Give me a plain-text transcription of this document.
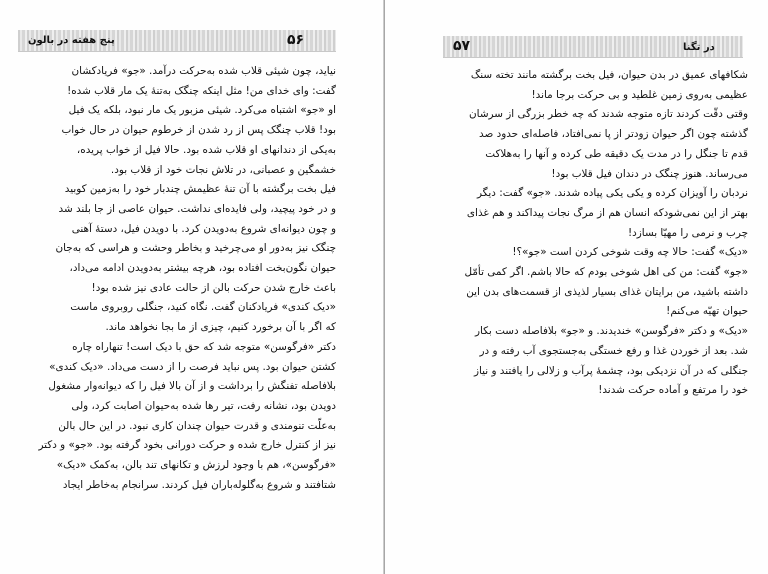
۵۶
پنج هفته در بالون
نیاید، چون شیئی قلاب شده به‌حرکت درآمد. «جو» فریادکشان
گفت: وای خدای من! مثل اینکه چنگک به‌تنهٔ یک مار قلاب شده!
او «جو» اشتباه می‌کرد. شیئی مزبور یک مار نبود، بلکه یک فیل
بود! قلاب چنگک پس از رد شدن از خرطوم حیوان در حال خواب
به‌یکی از دندانهای او قلاب شده بود. حالا فیل از خواب پریده،
خشمگین و عصبانی، در تلاش نجات خود از قلاب بود.
فیل بخت برگشته با آن تنهٔ عظیمش چندبار خود را به‌زمین کوبید
و در خود پیچید، ولی فایده‌ای نداشت. حیوان عاصی از جا بلند شد
و چون دیوانه‌ای شروع به‌دویدن کرد. با دویدن فیل، دستهٔ آهنی
چنگک نیز به‌دور او می‌چرخید و بخاطر وحشت و هراسی که به‌جان
حیوان نگون‌بخت افتاده بود، هرچه بیشتر به‌دویدن ادامه می‌داد،
باعث خارج شدن حرکت بالن از حالت عادی نیز شده بود!
«دیک کندی» فریادکنان گفت. نگاه کنید، جنگلی روبروی ماست
که اگر با آن برخورد کنیم، چیزی از ما بجا نخواهد ماند.
دکتر «فرگوسن» متوجه شد که حق با دیک است! تنهاراه چاره
کشتن حیوان بود. پس نباید فرصت را از دست می‌داد. «دیک کندی»
بلافاصله تفنگش را برداشت و از آن بالا فیل را که دیوانه‌وار مشغول
دویدن بود، نشانه رفت، تیر رها شده به‌حیوان اصابت کرد، ولی
به‌علّت تنومندی و قدرت حیوان چندان کاری نبود. در این حال بالن
نیز از کنترل خارج شده و حرکت دورانی بخود گرفته بود. «جو» و دکتر
«فرگوسن»، هم با وجود لرزش و تکانهای تند بالن، به‌کمک «دیک»
شتافتند و شروع به‌گلوله‌باران فیل کردند. سرانجام به‌خاطر ایجاد
۵۷	در تگنا
شکافهای عمیق در بدن حیوان، فیل بخت برگشته مانند تخته سنگ
عظیمی به‌روی زمین غلطید و بی حرکت برجا ماند!
وقتی دقّت کردند تازه متوجه شدند که چه خطر بزرگی از سرشان
گذشته چون اگر حیوان زودتر از پا نمی‌افتاد، فاصله‌ای حدود صد
قدم تا جنگل را در مدت یک دقیقه طی کرده و آنها را به‌هلاکت
می‌رساند. هنوز چنگک در دندان فیل قلاب بود!
نردبان را آویزان کرده و یکی یکی پیاده شدند. «جو» گفت: دیگر
بهتر از این نمی‌شودکه انسان هم از مرگ نجات پیداکند و هم غذای
چرب و نرمی را مهیّا بسازد!
«دیک» گفت: حالا چه وقت شوخی کردن است «جو»؟!
«جو» گفت: من کی اهل شوخی بودم که حالا باشم. اگر کمی تأمّل
داشته باشید، من برایتان غذای بسیار لذیذی از قسمت‌های بدن این
حیوان تهیّه می‌کنم!
«دیک» و دکتر «فرگوسن» خندیدند. و «جو» بلافاصله دست بکار
شد. بعد از خوردن غذا و رفع خستگی به‌جستجوی آب رفته و در
جنگلی که در آن نزدیکی بود، چشمهٔ پرآب و زلالی را یافتند و نیاز
خود را مرتفع و آماده حرکت شدند!
